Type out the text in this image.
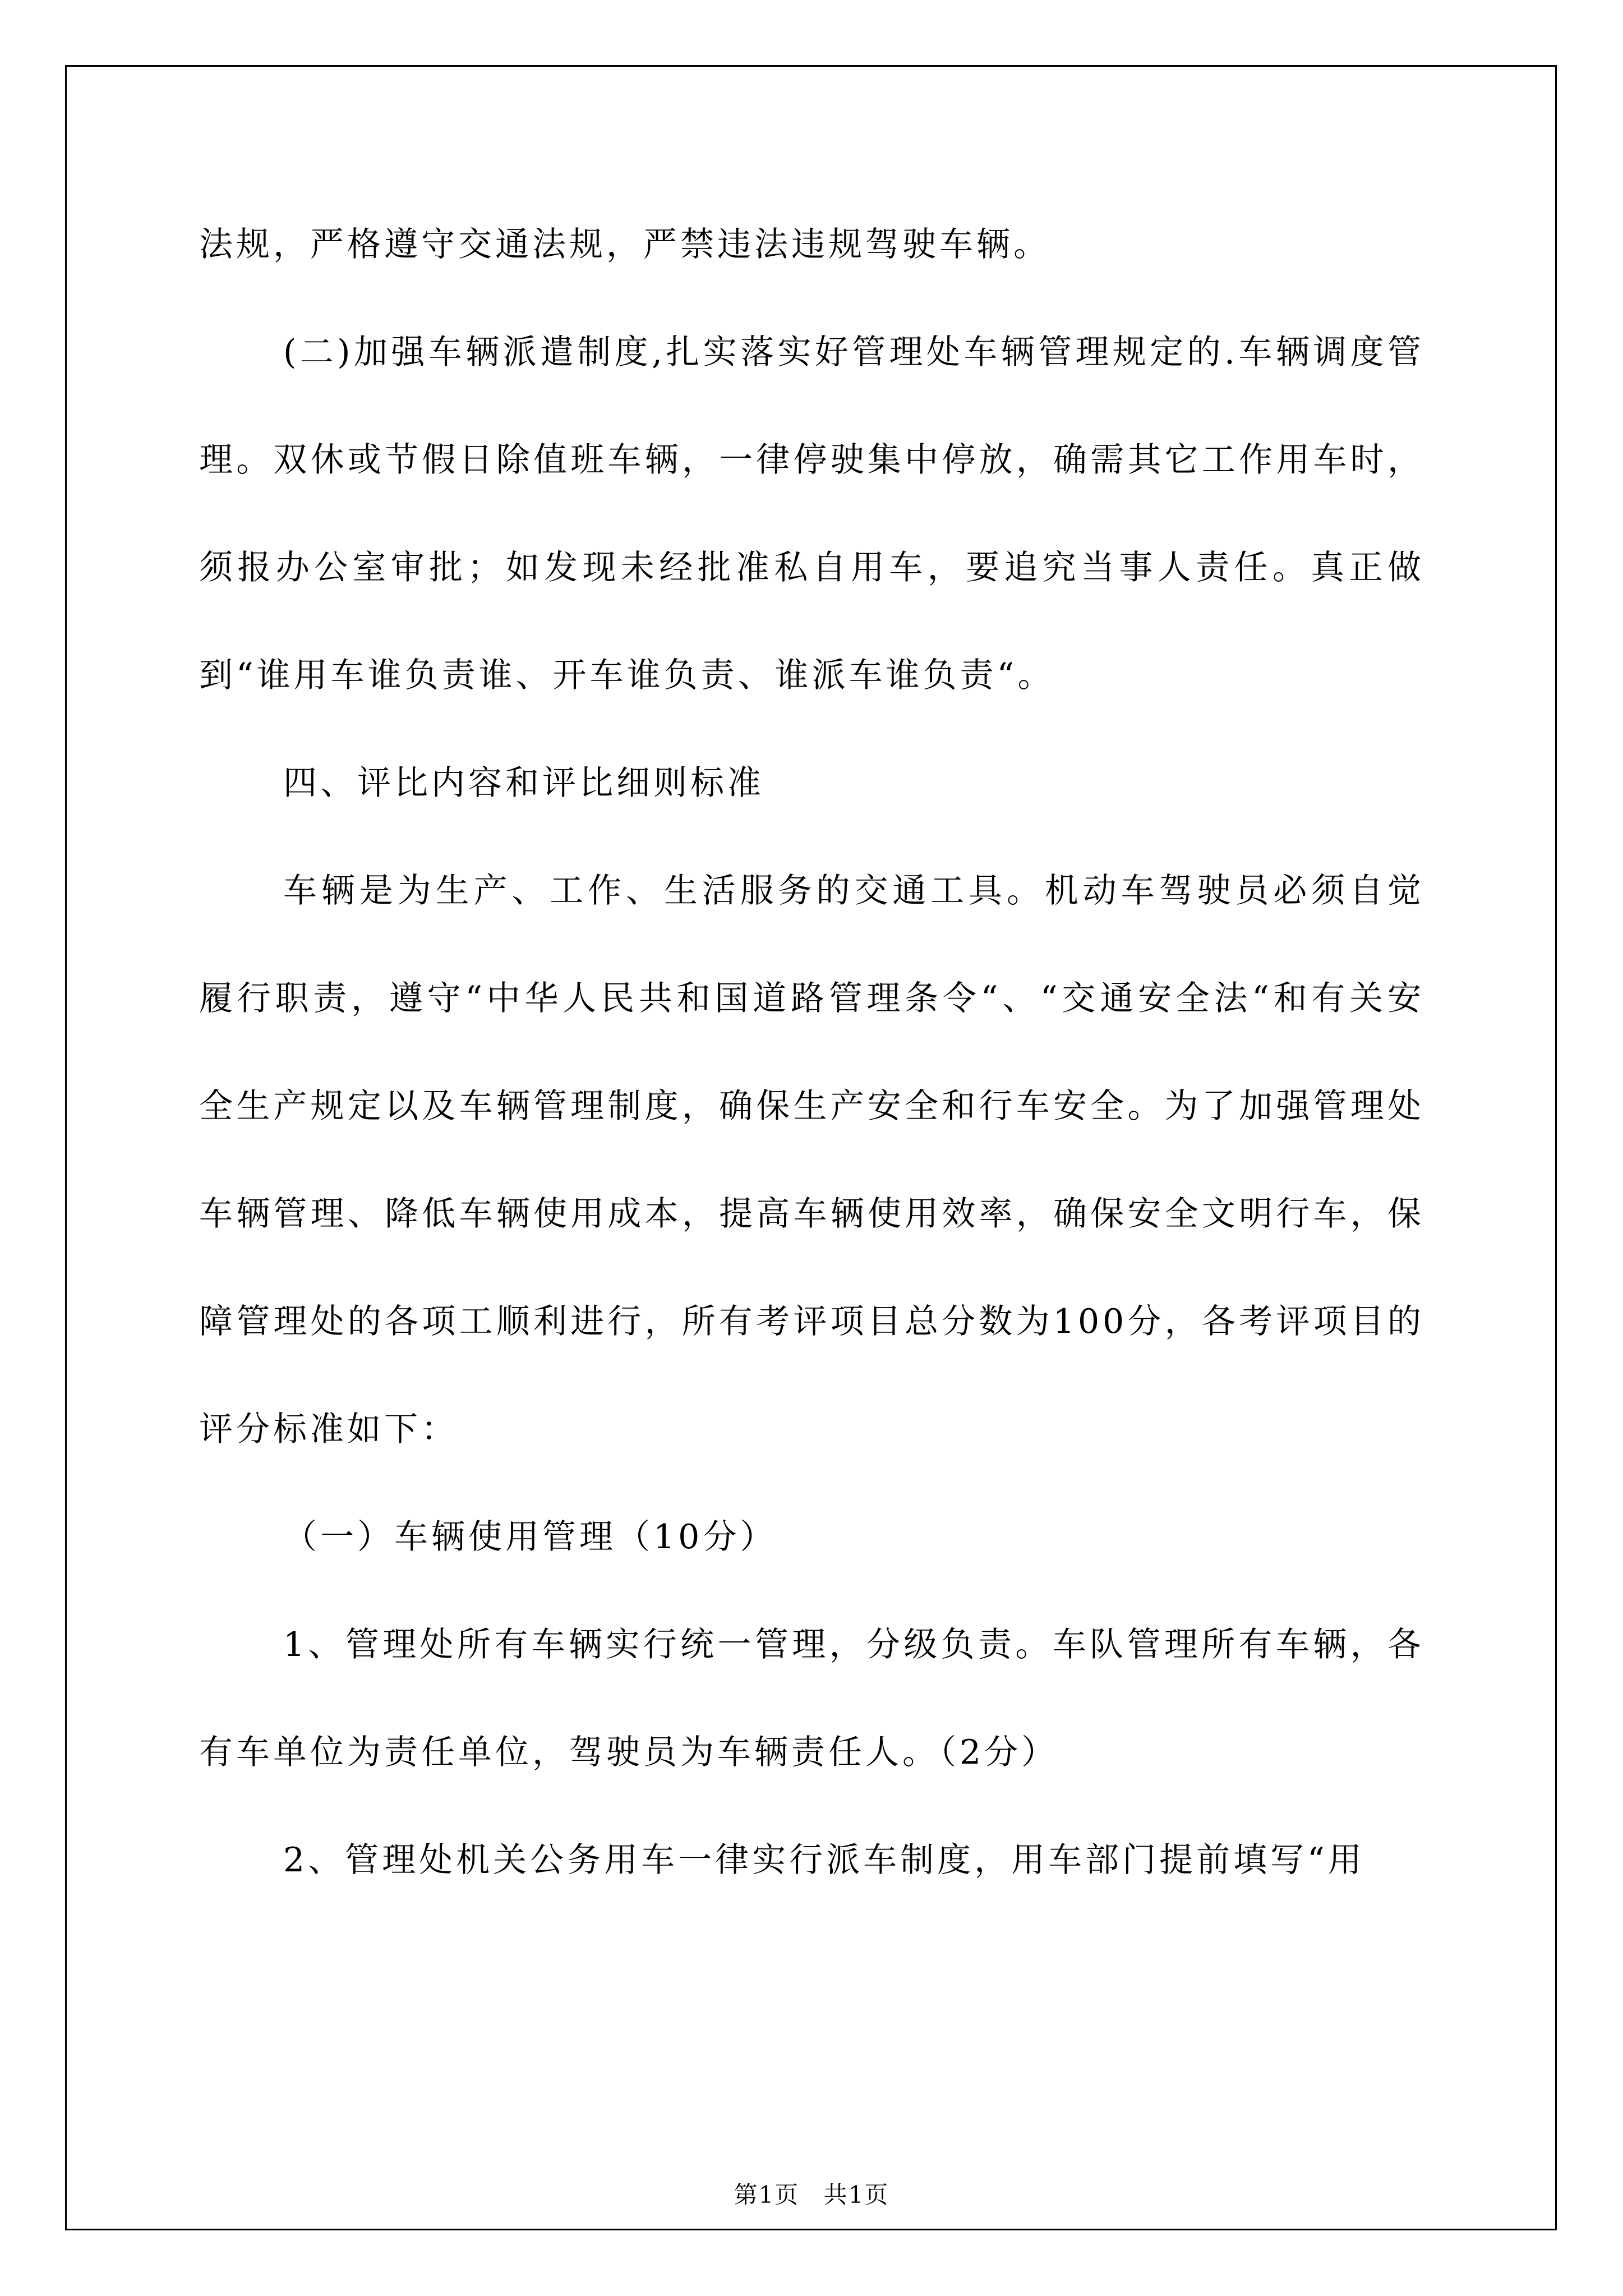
法规，严格遵守交通法规，严禁违法违规驾驶车辆。

(二)加强车辆派遣制度,扎实落实好管理处车辆管理规定的.车辆调度管理。双休或节假日除值班车辆，一律停驶集中停放，确需其它工作用车时，须报办公室审批；如发现未经批准私自用车，要追究当事人责任。真正做到“谁用车谁负责谁、开车谁负责、谁派车谁负责“。

四、评比内容和评比细则标准

车辆是为生产、工作、生活服务的交通工具。机动车驾驶员必须自觉履行职责，遵守“中华人民共和国道路管理条令“、“交通安全法“和有关安全生产规定以及车辆管理制度，确保生产安全和行车安全。为了加强管理处车辆管理、降低车辆使用成本，提高车辆使用效率，确保安全文明行车，保障管理处的各项工顺利进行，所有考评项目总分数为100分，各考评项目的评分标准如下：

（一）车辆使用管理（10分）

1、管理处所有车辆实行统一管理，分级负责。车队管理所有车辆，各有车单位为责任单位，驾驶员为车辆责任人。（2分）

2、管理处机关公务用车一律实行派车制度，用车部门提前填写“用

第1页 共1页
